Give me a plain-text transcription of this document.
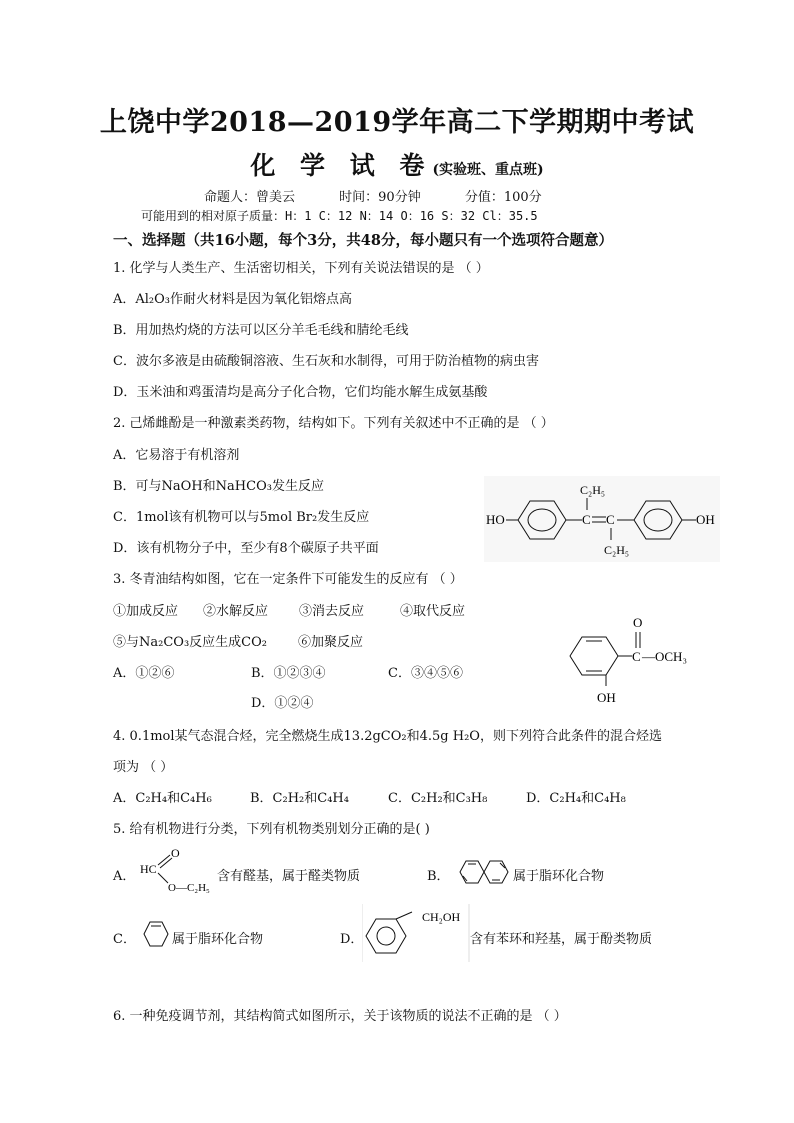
上饶中学2018—2019学年高二下学期期中考试
化 学 试 卷(实验班、重点班)
命题人：曾美云	时间：90分钟	分值：100分
可能用到的相对原子质量：H：1 C：12 N：14 O：16 S：32 Cl：35.5
一、选择题（共16小题，每个3分，共48分，每小题只有一个选项符合题意）
1. 化学与人类生产、生活密切相关，下列有关说法错误的是 （ ）
A．Al₂O₃作耐火材料是因为氧化铝熔点高
B．用加热灼烧的方法可以区分羊毛毛线和腈纶毛线
C．波尔多液是由硫酸铜溶液、生石灰和水制得，可用于防治植物的病虫害
D．玉米油和鸡蛋清均是高分子化合物，它们均能水解生成氨基酸
2. 己烯雌酚是一种激素类药物，结构如下。下列有关叙述中不正确的是 （ ）
A．它易溶于有机溶剂
B．可与NaOH和NaHCO₃发生反应
C．1mol该有机物可以与5mol Br₂发生反应
D．该有机物分子中，至少有8个碳原子共平面
HO	C C
C₂H₅
C₂H₅
OH
3. 冬青油结构如图，它在一定条件下可能发生的反应有 （ ）
①加成反应 ②水解反应 ③消去反应	④取代反应
⑤与Na₂CO₃反应生成CO₂ ⑥加聚反应
A．①②⑥	B．①②③④	C．③④⑤⑥
D．①②④
C
O
—OCH₃
OH
4. 0.1mol某气态混合烃，完全燃烧生成13.2gCO₂和4.5g H₂O，则下列符合此条件的混合烃选
项为 （ ）
A．C₂H₄和C₄H₆	B．C₂H₂和C₄H₄	C．C₂H₂和C₃H₈	D．C₂H₄和C₄H₈
5. 给有机物进行分类，下列有机物类别划分正确的是( )
A． HC
O
O—C₂H₅
含有醛基，属于醛类物质	B．	属于脂环化合物
C．	属于脂环化合物	D．
CH₂OH
含有苯环和羟基，属于酚类物质
6. 一种免疫调节剂，其结构简式如图所示，关于该物质的说法不正确的是 （ ）
